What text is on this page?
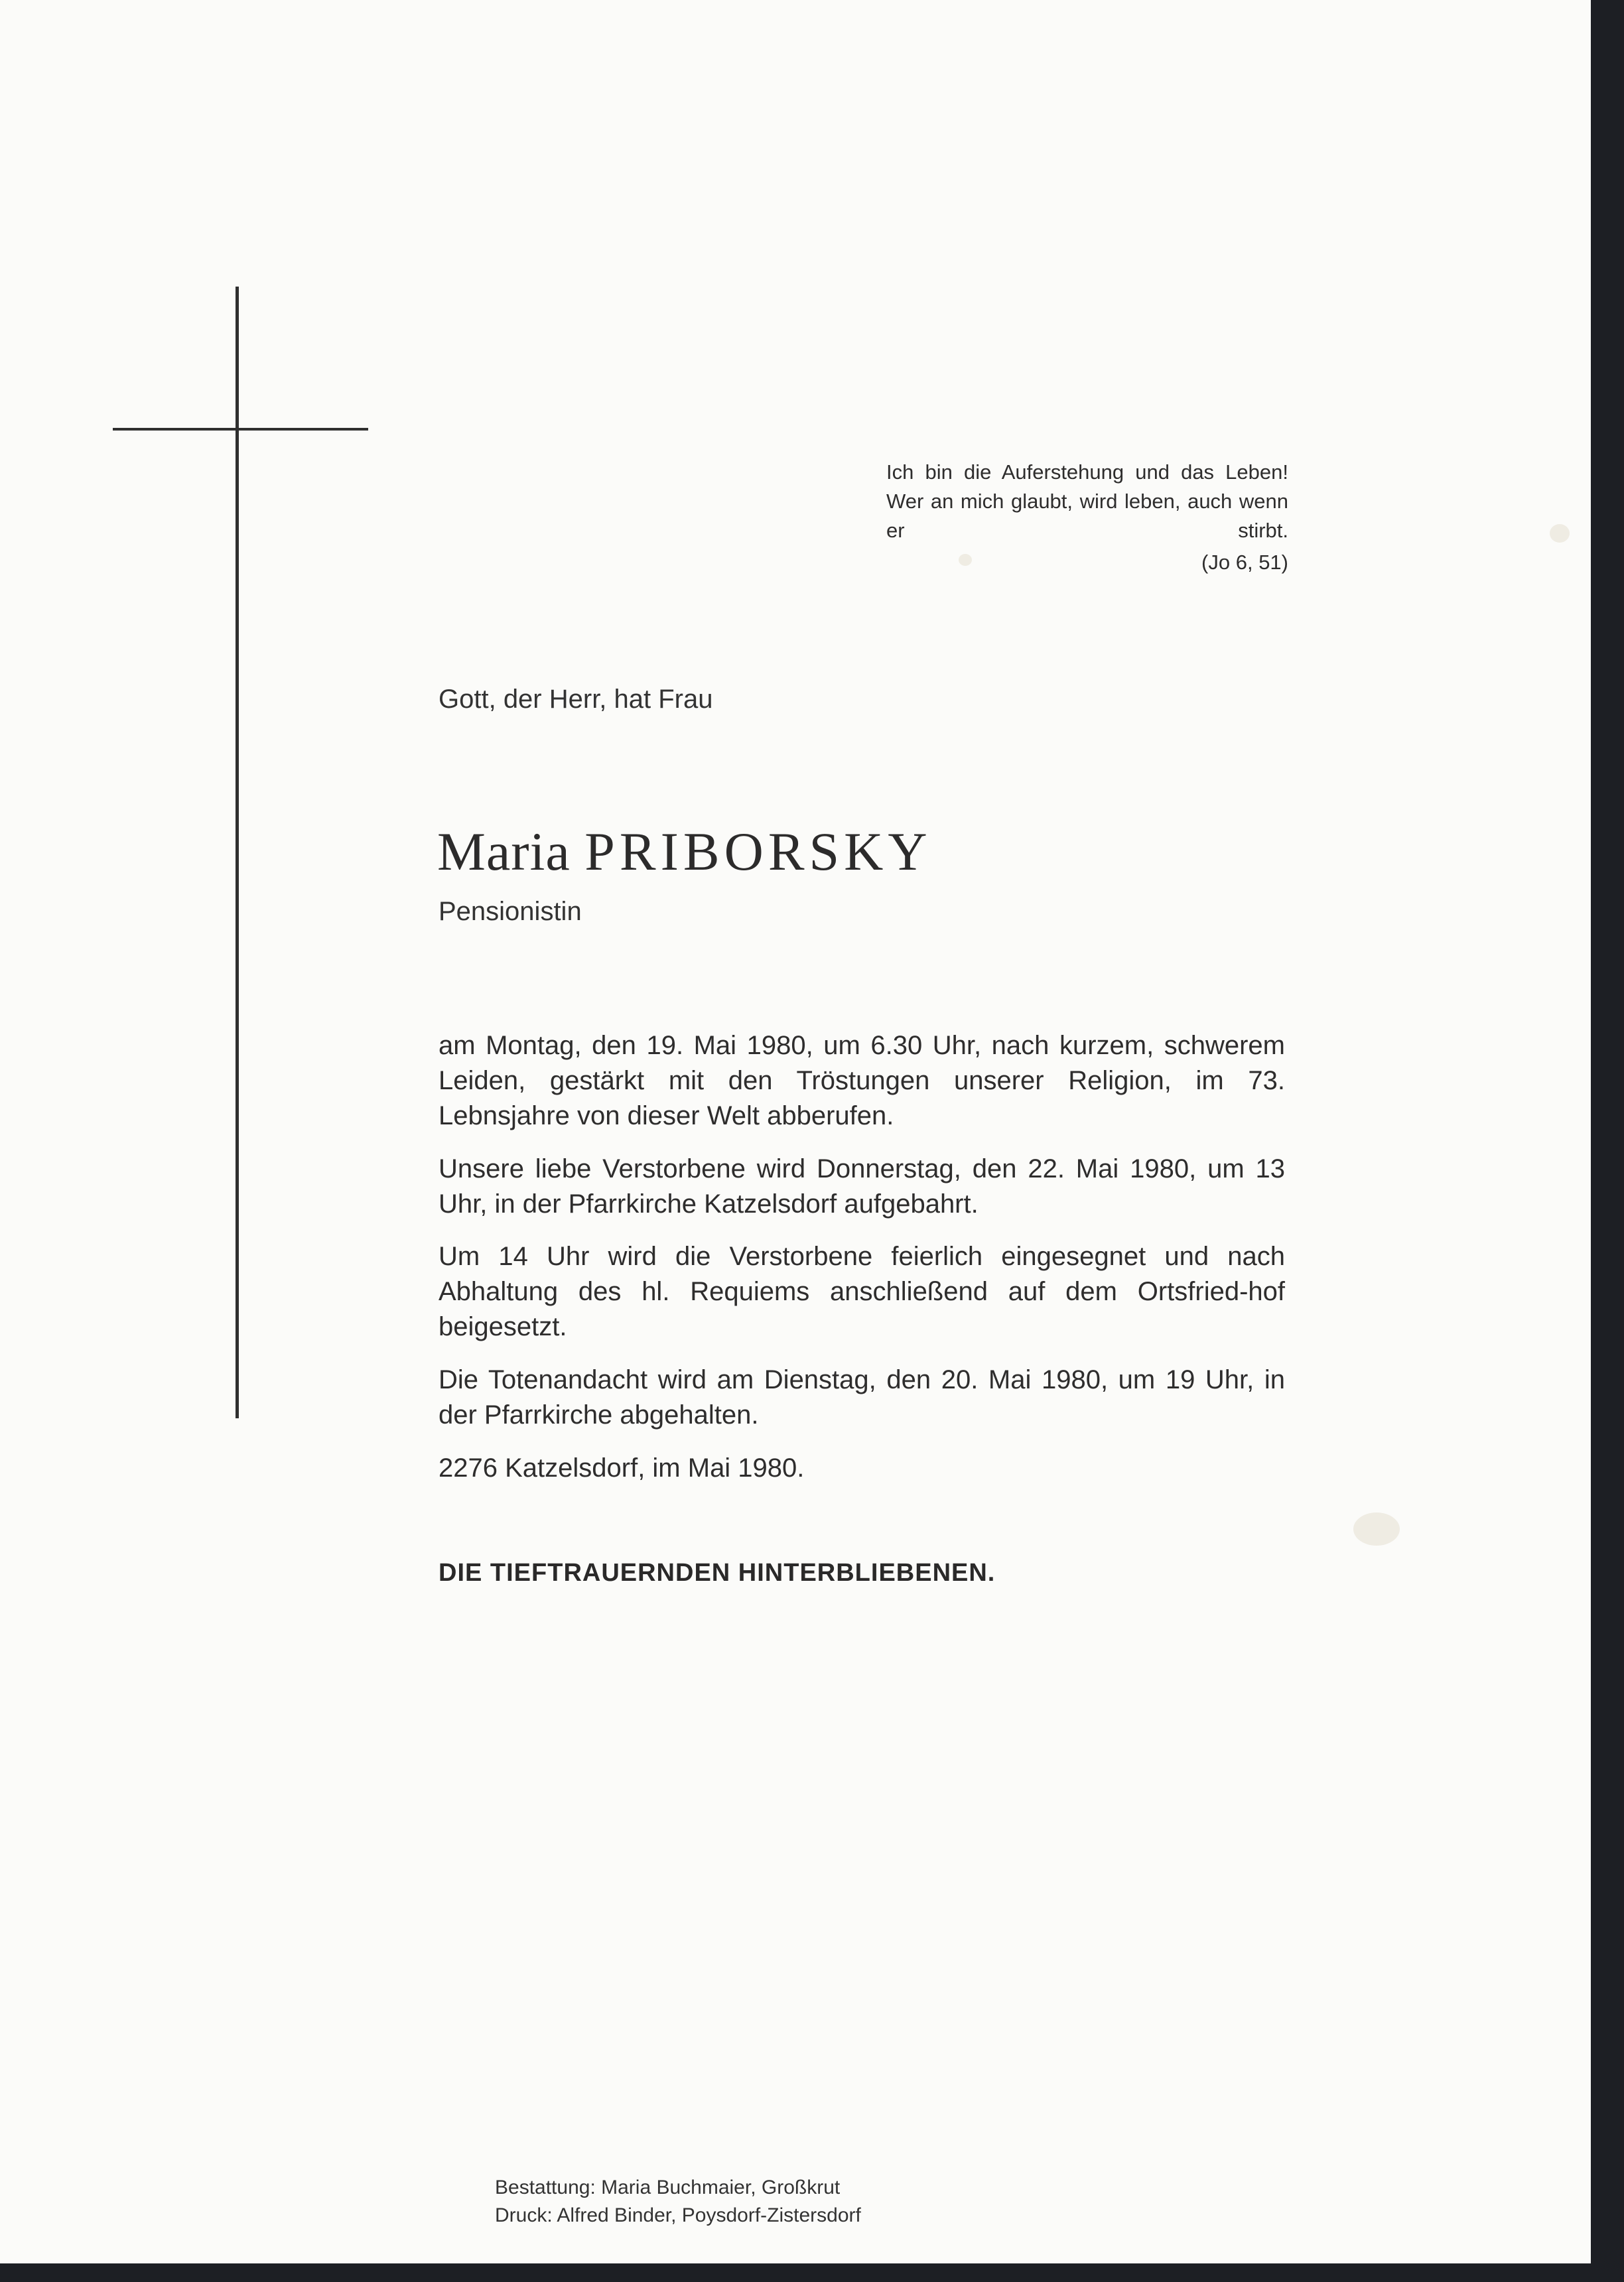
Ich bin die Auferstehung und das Leben! Wer an mich glaubt, wird leben, auch wenn er stirbt.
(Jo 6, 51)
Gott, der Herr, hat Frau
Maria PRIBORSKY
Pensionistin
am Montag, den 19. Mai 1980, um 6.30 Uhr, nach kurzem, schwerem Leiden, gestärkt mit den Tröstungen unserer Religion, im 73. Lebnsjahre von dieser Welt abberufen.
Unsere liebe Verstorbene wird Donnerstag, den 22. Mai 1980, um 13 Uhr, in der Pfarrkirche Katzelsdorf aufgebahrt.
Um 14 Uhr wird die Verstorbene feierlich eingesegnet und nach Abhaltung des hl. Requiems anschließend auf dem Ortsfried-hof beigesetzt.
Die Totenandacht wird am Dienstag, den 20. Mai 1980, um 19 Uhr, in der Pfarrkirche abgehalten.
2276 Katzelsdorf, im Mai 1980.
DIE TIEFTRAUERNDEN HINTERBLIEBENEN.
Bestattung: Maria Buchmaier, Großkrut
Druck: Alfred Binder, Poysdorf-Zistersdorf
